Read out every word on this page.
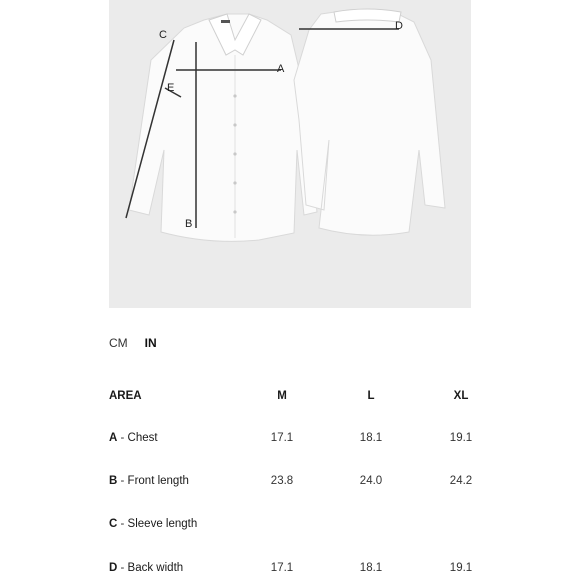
A
B
C
D
E
CM IN
AREA	M	L	XL
A - Chest	17.1	18.1	19.1
B - Front length	23.8	24.0	24.2
C - Sleeve length
D - Back width	17.1	18.1	19.1
